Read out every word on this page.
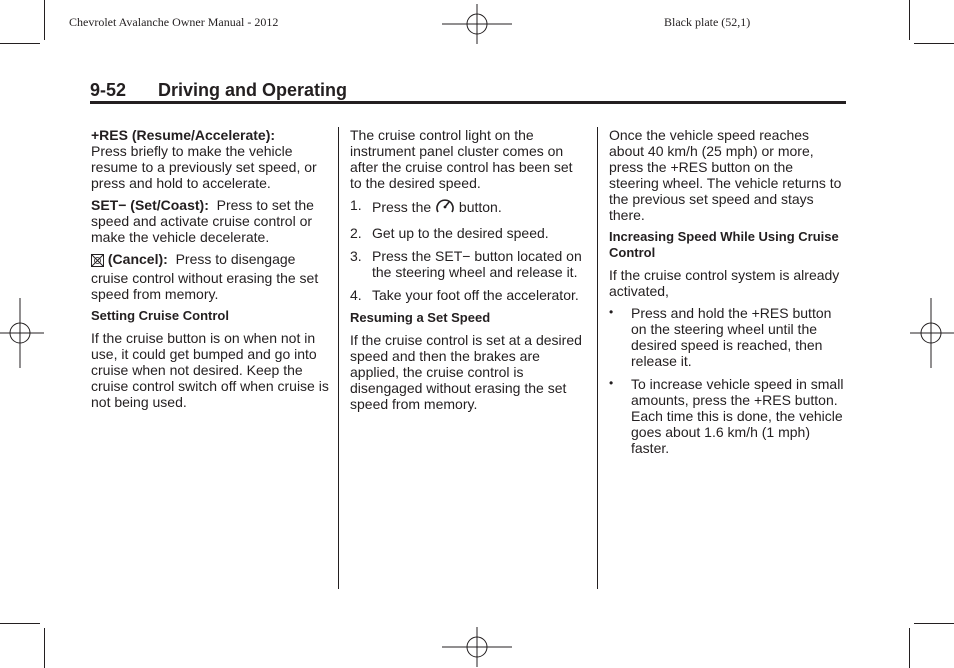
Chevrolet Avalanche Owner Manual - 2012	Black plate (52,1)
9-52 Driving and Operating

+RES (Resume/Accelerate):
Press briefly to make the vehicle resume to a previously set speed, or press and hold to accelerate.

SET− (Set/Coast): Press to set the speed and activate cruise control or make the vehicle decelerate.

(Cancel): Press to disengage cruise control without erasing the set speed from memory.

Setting Cruise Control

If the cruise button is on when not in use, it could get bumped and go into cruise when not desired. Keep the cruise control switch off when cruise is not being used.

The cruise control light on the instrument panel cluster comes on after the cruise control has been set to the desired speed.

1. Press the button.
2. Get up to the desired speed.
3. Press the SET− button located on the steering wheel and release it.
4. Take your foot off the accelerator.
Resuming a Set Speed

If the cruise control is set at a desired speed and then the brakes are applied, the cruise control is disengaged without erasing the set speed from memory.

Once the vehicle speed reaches about 40 km/h (25 mph) or more, press the +RES button on the steering wheel. The vehicle returns to the previous set speed and stays there.

Increasing Speed While Using Cruise Control

If the cruise control system is already activated,

• Press and hold the +RES button on the steering wheel until the desired speed is reached, then release it.
• To increase vehicle speed in small amounts, press the +RES button. Each time this is done, the vehicle goes about 1.6 km/h (1 mph) faster.
